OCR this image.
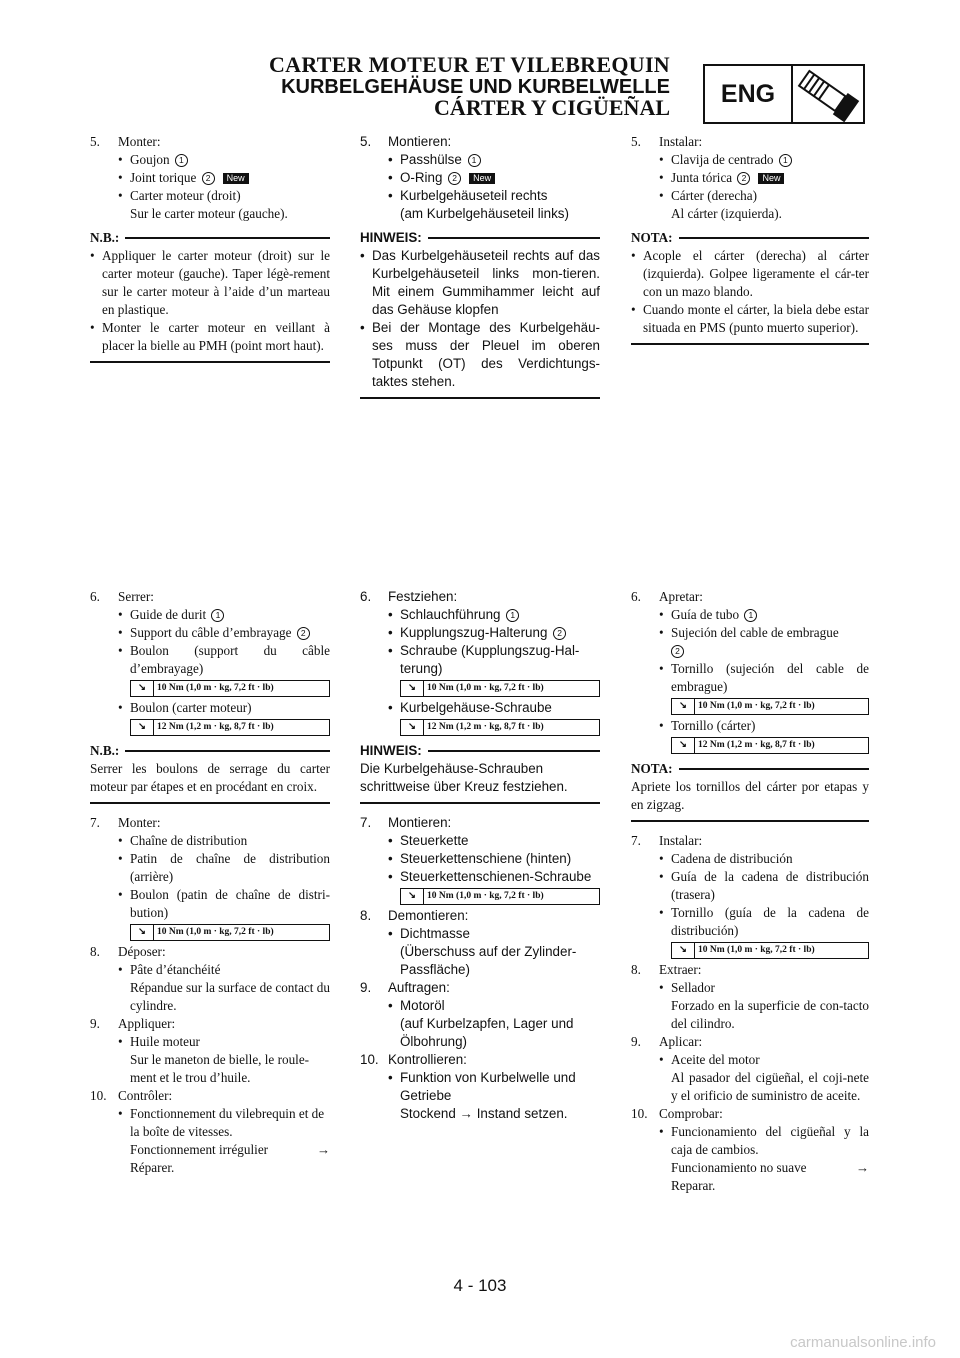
CARTER MOTEUR ET VILEBREQUIN
KURBELGEHÄUSE UND KURBELWELLE
CÁRTER Y CIGÜEÑAL	ENG
5.	Monter:
• Goujon 1
• Joint torique 2 New
• Carter moteur (droit)
Sur le carter moteur (gauche).
N.B.:
• Appliquer le carter moteur (droit) sur le carter moteur (gauche). Taper légè-rement sur le carter moteur à l’aide d’un marteau en plastique.
• Monter le carter moteur en veillant à placer la bielle au PMH (point mort haut).
5.	Montieren:
• Passhülse 1
• O-Ring 2 New
• Kurbelgehäuseteil rechts
(am Kurbelgehäuseteil links)
HINWEIS:
• Das Kurbelgehäuseteil rechts auf das Kurbelgehäuseteil links mon-tieren. Mit einem Gummihammer leicht auf das Gehäuse klopfen
• Bei der Montage des Kurbelgehäu-ses muss der Pleuel im oberen Totpunkt (OT) des Verdichtungs-taktes stehen.
5.	Instalar:
• Clavija de centrado 1
• Junta tórica 2 New
• Cárter (derecha)
Al cárter (izquierda).
NOTA:
• Acople el cárter (derecha) al cárter (izquierda). Golpee ligeramente el cár-ter con un mazo blando.
• Cuando monte el cárter, la biela debe estar situada en PMS (punto muerto superior).
6.	Serrer:
• Guide de durit 1
• Support du câble d’embrayage 2
• Boulon (support du câble d’embrayage)
↘	10 Nm (1,0 m · kg, 7,2 ft · lb)
• Boulon (carter moteur)
↘	12 Nm (1,2 m · kg, 8,7 ft · lb)
N.B.:
Serrer les boulons de serrage du carter moteur par étapes et en procédant en croix.
7.	Monter:
• Chaîne de distribution
• Patin de chaîne de distribution (arrière)
• Boulon (patin de chaîne de distri-bution)
↘	10 Nm (1,0 m · kg, 7,2 ft · lb)
8.	Déposer:
• Pâte d’étanchéité
Répandue sur la surface de contact du cylindre.
9.	Appliquer:
• Huile moteur
Sur le maneton de bielle, le roule-ment et le trou d’huile.
10. Contrôler:
• Fonctionnement du vilebrequin et de la boîte de vitesses.
Fonctionnement irrégulier	→
Réparer.
6.	Festziehen:
• Schlauchführung 1
• Kupplungszug-Halterung 2
• Schraube (Kupplungszug-Hal-terung)
↘	10 Nm (1,0 m · kg, 7,2 ft · lb)
• Kurbelgehäuse-Schraube
↘	12 Nm (1,2 m · kg, 8,7 ft · lb)
HINWEIS:
Die Kurbelgehäuse-Schrauben schrittweise über Kreuz festziehen.
7.	Montieren:
• Steuerkette
• Steuerkettenschiene (hinten)
• Steuerkettenschienen-Schraube
↘	10 Nm (1,0 m · kg, 7,2 ft · lb)
8.	Demontieren:
• Dichtmasse
(Überschuss auf der Zylinder-Passfläche)
9.	Auftragen:
• Motoröl
(auf Kurbelzapfen, Lager und Ölbohrung)
10. Kontrollieren:
• Funktion von Kurbelwelle und Getriebe
Stockend → Instand setzen.
6.	Apretar:
• Guía de tubo 1
• Sujeción del cable de embrague
2
• Tornillo (sujeción del cable de embrague)
↘	10 Nm (1,0 m · kg, 7,2 ft · lb)
• Tornillo (cárter)
↘	12 Nm (1,2 m · kg, 8,7 ft · lb)
NOTA:
Apriete los tornillos del cárter por etapas y en zigzag.
7.	Instalar:
• Cadena de distribución
• Guía de la cadena de distribución (trasera)
• Tornillo (guía de la cadena de distribución)
↘	10 Nm (1,0 m · kg, 7,2 ft · lb)
8.	Extraer:
• Sellador
Forzado en la superficie de con-tacto del cilindro.
9.	Aplicar:
• Aceite del motor
Al pasador del cigüeñal, el coji-nete y el orificio de suministro de aceite.
10. Comprobar:
• Funcionamiento del cigüeñal y la caja de cambios.
Funcionamiento no suave	→
Reparar.
4 - 103
carmanualsonline.info
